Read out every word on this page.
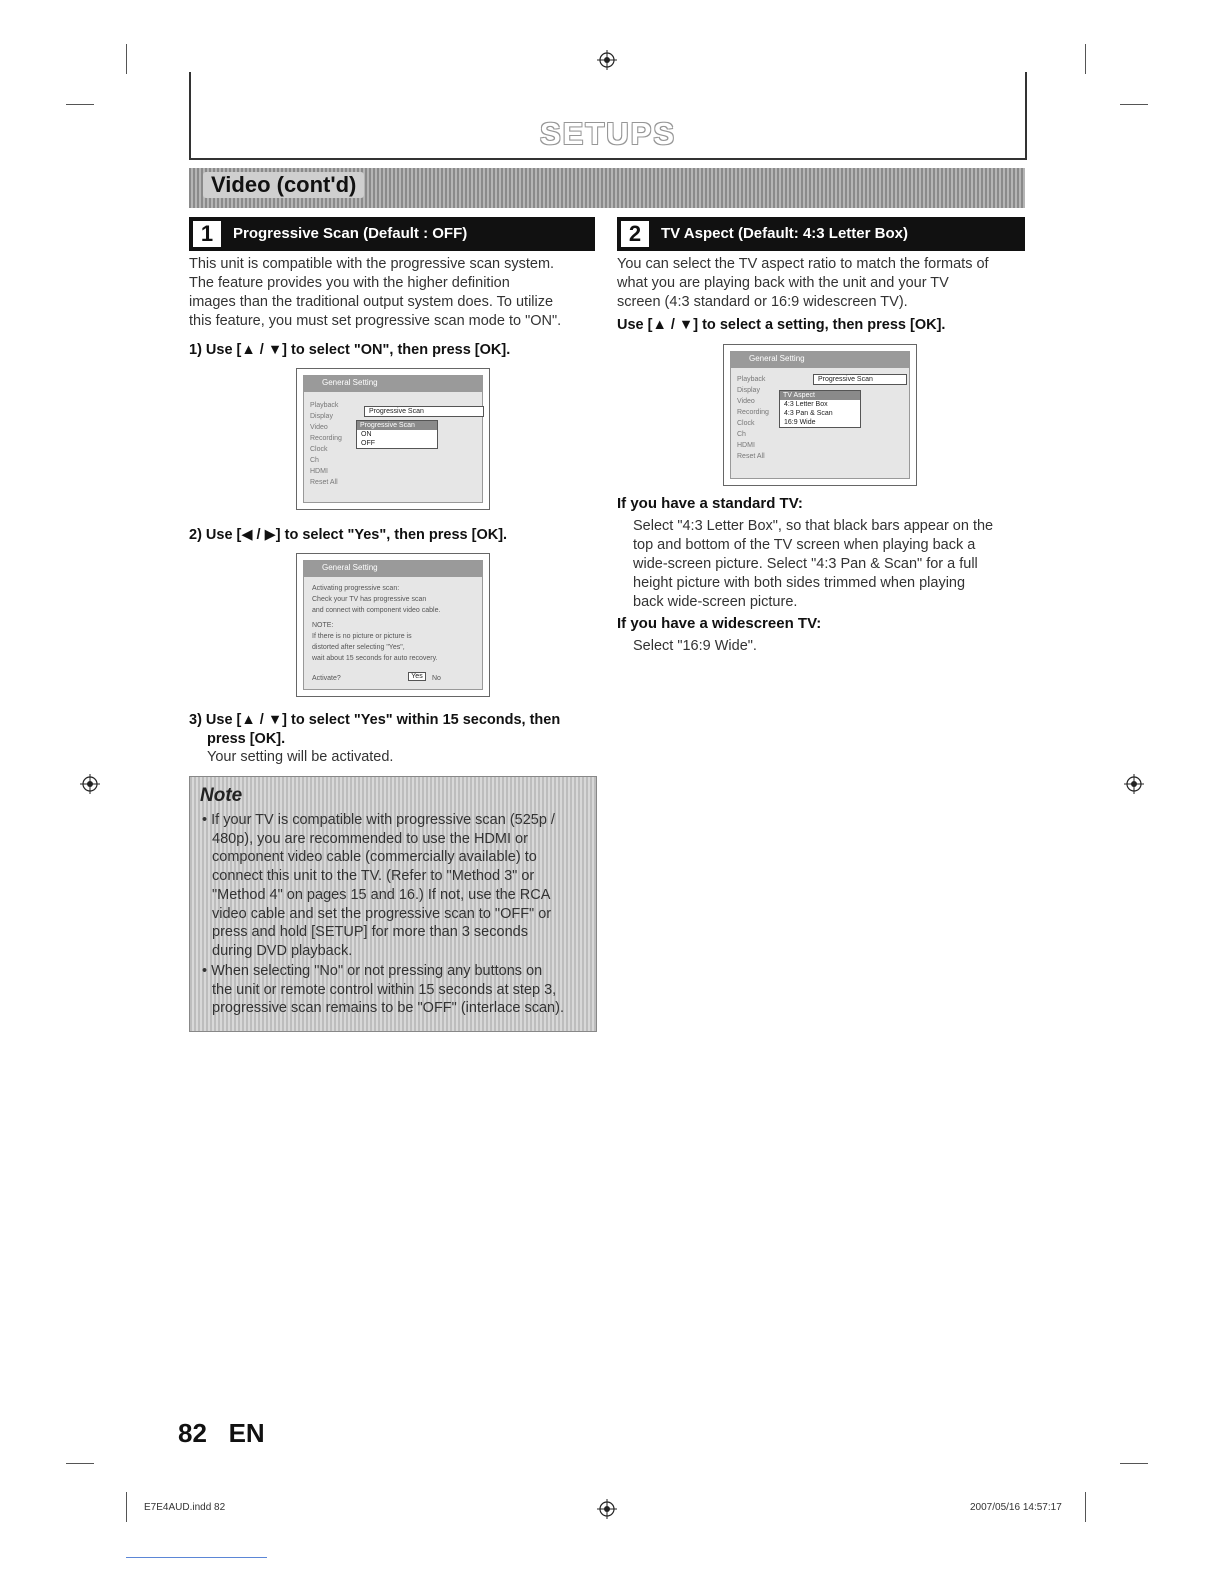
SETUPS
Video (cont'd)
1	Progressive Scan (Default : OFF)
This unit is compatible with the progressive scan system.
The feature provides you with the higher definition
images than the traditional output system does. To utilize
this feature, you must set progressive scan mode to "ON".
1) Use [▲ / ▼] to select "ON", then press [OK].
General Setting
Playback
Display
Video
Recording
Clock
Ch
HDMI
Reset All
Progressive Scan
Progressive Scan
ON
OFF
2) Use [◀ / ▶] to select "Yes", then press [OK].
General Setting
Activating progressive scan:
Check your TV has progressive scan
and connect with component video cable.
NOTE:
If there is no picture or picture is
distorted after selecting "Yes",
wait about 15 seconds for auto recovery.
Activate?	Yes	No
3) Use [▲ / ▼] to select "Yes" within 15 seconds, then
press [OK].
Your setting will be activated.
Note
• If your TV is compatible with progressive scan (525p /
480p), you are recommended to use the HDMI or
component video cable (commercially available) to
connect this unit to the TV. (Refer to "Method 3" or
"Method 4" on pages 15 and 16.) If not, use the RCA
video cable and set the progressive scan to "OFF" or
press and hold [SETUP] for more than 3 seconds
during DVD playback.
• When selecting "No" or not pressing any buttons on
the unit or remote control within 15 seconds at step 3,
progressive scan remains to be "OFF" (interlace scan).
2	TV Aspect (Default: 4:3 Letter Box)
You can select the TV aspect ratio to match the formats of
what you are playing back with the unit and your TV
screen (4:3 standard or 16:9 widescreen TV).
Use [▲ / ▼] to select a setting, then press [OK].
General Setting
Playback
Display
Video
Recording
Clock
Ch
HDMI
Reset All
Progressive Scan
TV Aspect
4:3 Letter Box
4:3 Pan & Scan
16:9 Wide
If you have a standard TV:
Select "4:3 Letter Box", so that black bars appear on the
top and bottom of the TV screen when playing back a
wide-screen picture. Select "4:3 Pan & Scan" for a full
height picture with both sides trimmed when playing
back wide-screen picture.
If you have a widescreen TV:
Select "16:9 Wide".
82 EN
E7E4AUD.indd 82	2007/05/16 14:57:17
